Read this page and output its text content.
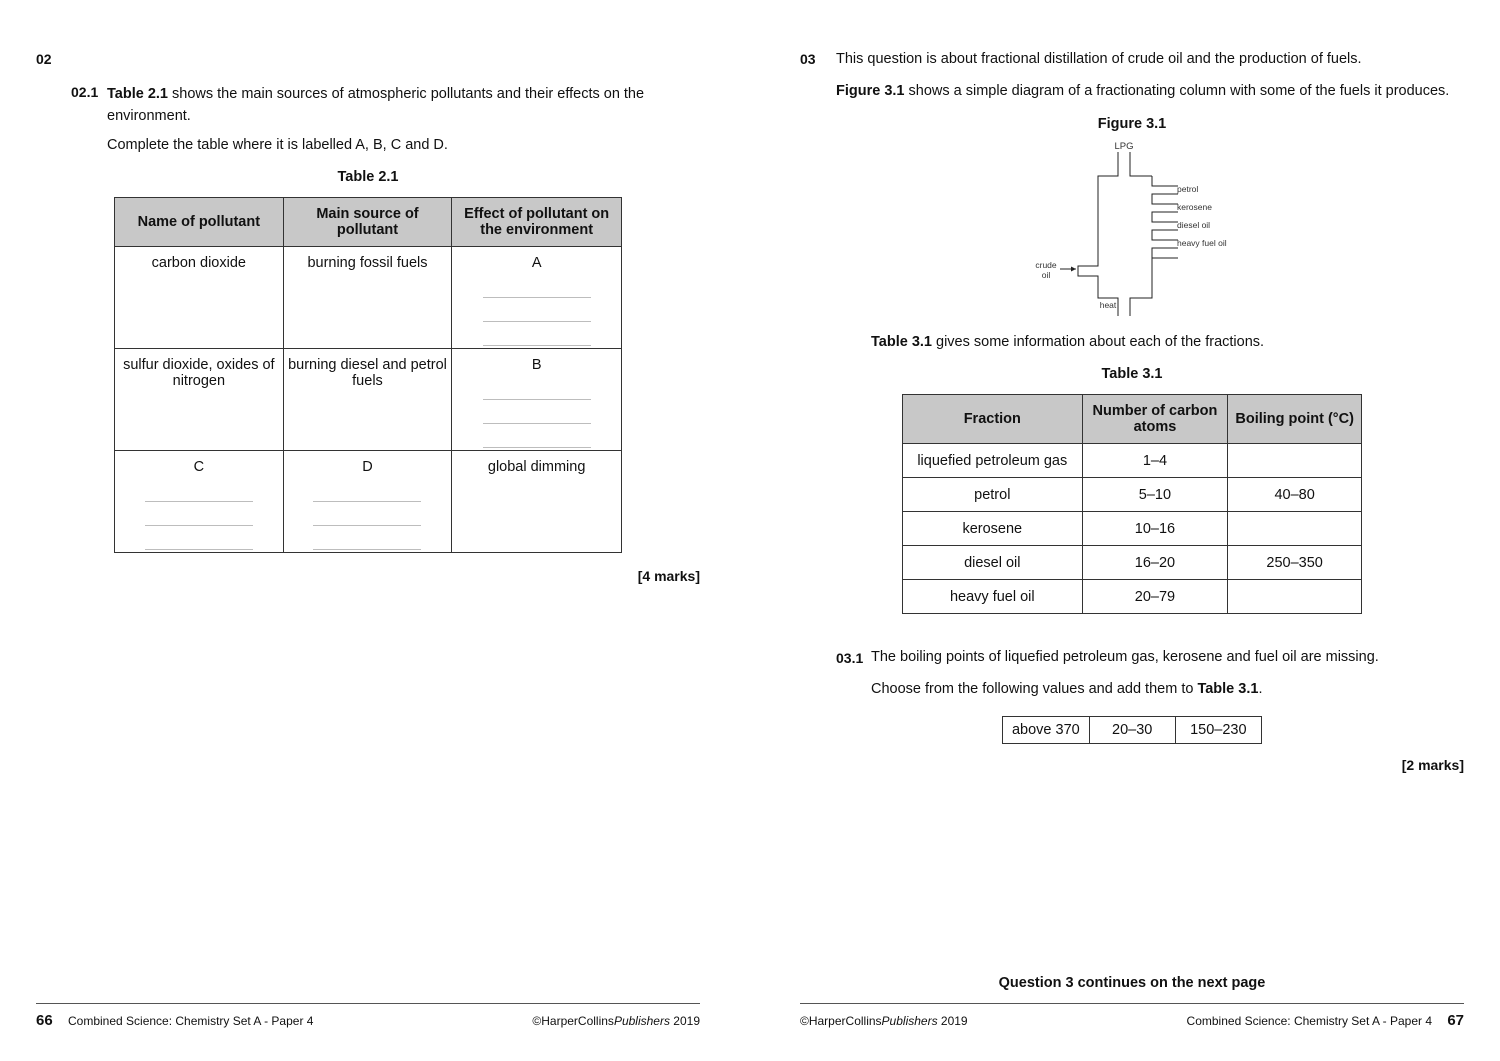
02
02.1 Table 2.1 shows the main sources of atmospheric pollutants and their effects on the

environment.

Complete the table where it is labelled A, B, C and D.
Table 2.1
Name of pollutant	Main source of pollutant	Effect of pollutant on the environment

carbon dioxide	burning fossil fuels	A

sulfur dioxide, oxides of nitrogen	burning diesel and petrol fuels	B

C	D	global dimming
[4 marks]
66 Combined Science: Chemistry Set A - Paper 4	©HarperCollinsPublishers 2019
03 This question is about fractional distillation of crude oil and the production of fuels.
Figure 3.1 shows a simple diagram of a fractionating column with some of the fuels it produces.
Figure 3.1
LPG
petrol
kerosene
diesel oil
heavy fuel oil
crude
oil
heat
Table 3.1 gives some information about each of the fractions.
Table 3.1
Fraction	Number of carbon atoms	Boiling point (°C)
liquefied petroleum gas	1–4	
petrol	5–10	40–80
kerosene	10–16	
diesel oil	16–20	250–350
heavy fuel oil	20–79	
03.1 The boiling points of liquefied petroleum gas, kerosene and fuel oil are missing.
Choose from the following values and add them to Table 3.1.
above 370	20–30	150–230
[2 marks]
Question 3 continues on the next page
©HarperCollinsPublishers 2019	Combined Science: Chemistry Set A - Paper 4 67
